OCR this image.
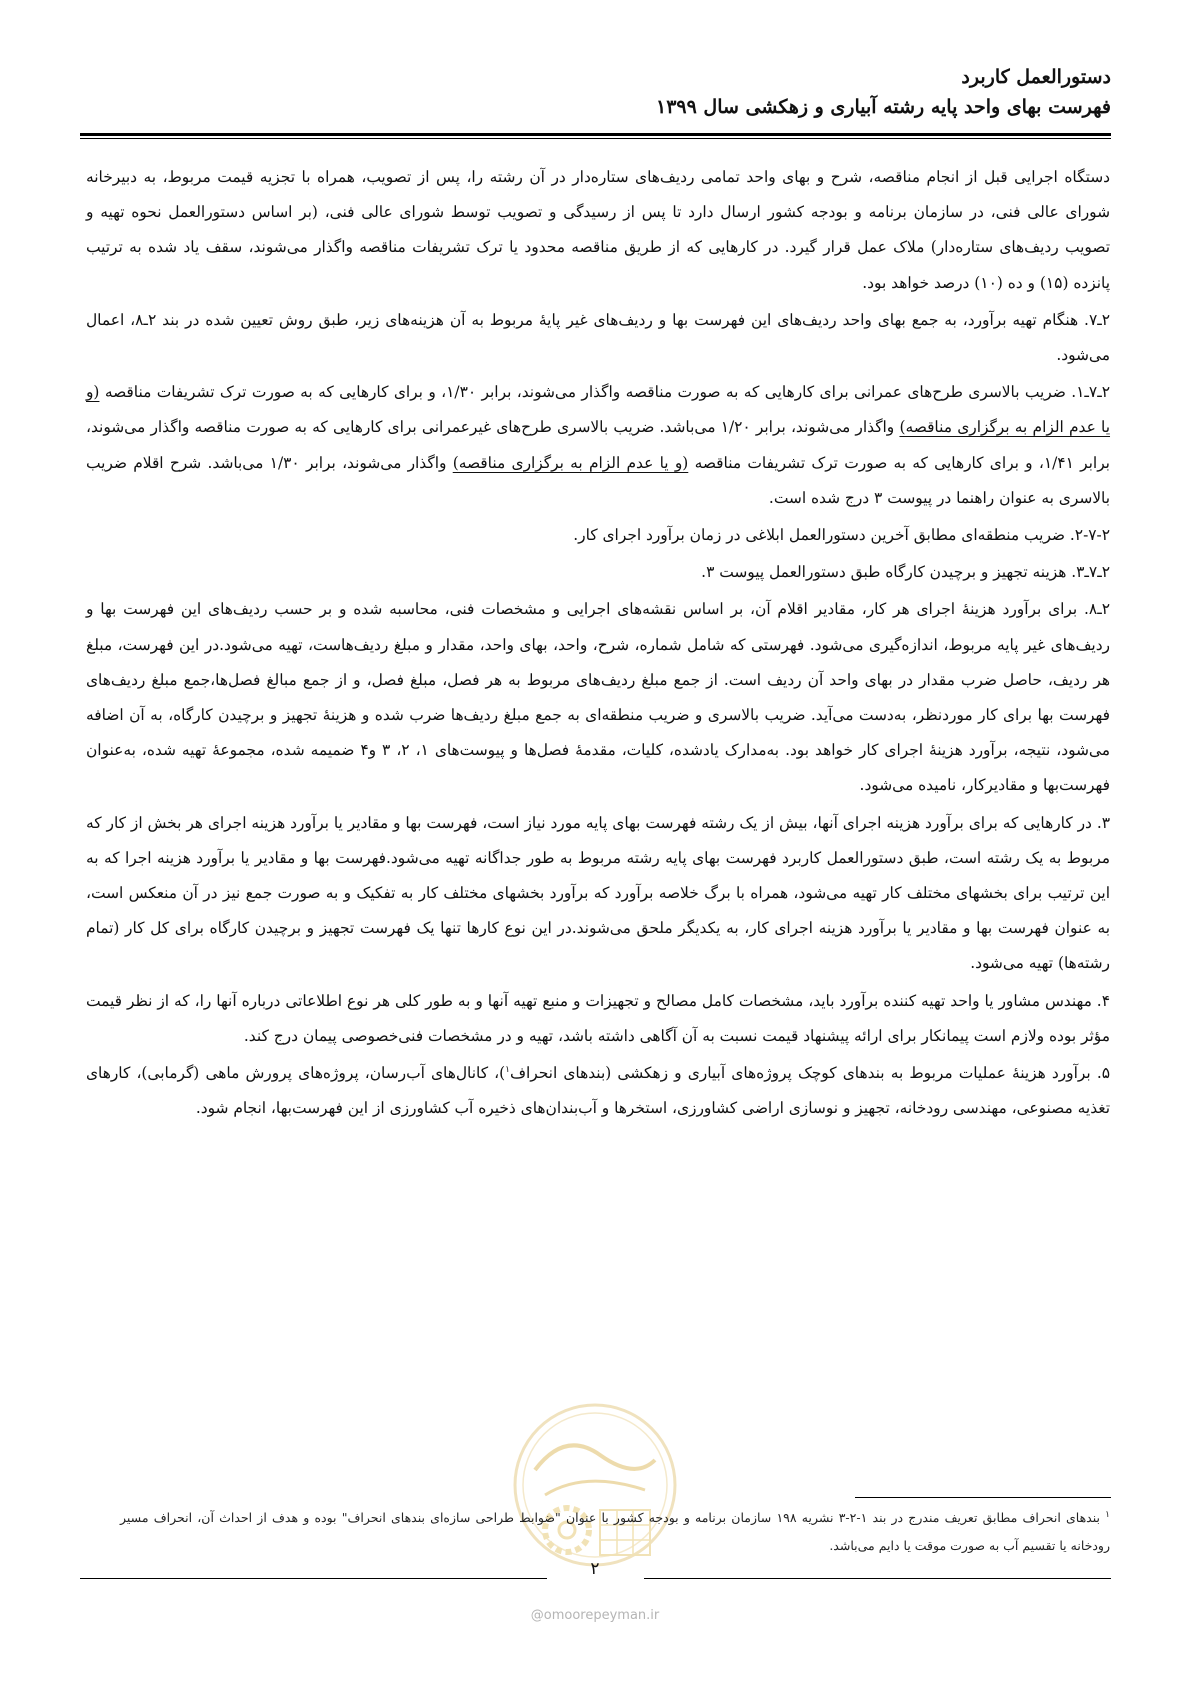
دستورالعمل کاربرد
فهرست بهای واحد پایه رشته آبیاری و زهکشی سال ۱۳۹۹

دستگاه اجرایی قبل از انجام مناقصه، شرح و بهای واحد تمامی ردیف‌های ستاره‌دار در آن رشته را، پس از تصویب، همراه با تجزیه قیمت مربوط، به دبیرخانه شورای عالی فنی، در سازمان برنامه و بودجه کشور ارسال دارد تا پس از رسیدگی و تصویب توسط شورای عالی فنی، (بر اساس دستورالعمل نحوه تهیه و تصویب ردیف‌های ستاره‌دار) ملاک عمل قرار گیرد. در کارهایی که از طریق مناقصه محدود یا ترک تشریفات مناقصه واگذار می‌شوند، سقف یاد شده به ترتیب پانزده (۱۵) و ده (۱۰) درصد خواهد بود.

۲ـ۷. هنگام تهیه برآورد، به جمع بهای واحد ردیف‌های این فهرست بها و ردیف‌های غیر پایهٔ مربوط به آن هزینه‌های زیر، طبق روش تعیین شده در بند ۲ـ۸، اعمال می‌شود.

۲ـ۷ـ۱. ضریب بالاسری طرح‌های عمرانی برای کارهایی که به صورت مناقصه واگذار می‌شوند، برابر ۱/۳۰، و برای کارهایی که به صورت ترک تشریفات مناقصه (و یا عدم الزام به برگزاری مناقصه) واگذار می‌شوند، برابر ۱/۲۰ می‌باشد. ضریب بالاسری طرح‌های غیرعمرانی برای کارهایی که به صورت مناقصه واگذار می‌شوند، برابر ۱/۴۱، و برای کارهایی که به صورت ترک تشریفات مناقصه (و یا عدم الزام به برگزاری مناقصه) واگذار می‌شوند، برابر ۱/۳۰ می‌باشد. شرح اقلام ضریب بالاسری به عنوان راهنما در پیوست ۳ درج شده است.

۲-۷-۲. ضریب منطقه‌ای مطابق آخرین دستورالعمل ابلاغی در زمان برآورد اجرای کار.

۲ـ۷ـ۳. هزینه تجهیز و برچیدن کارگاه طبق دستورالعمل پیوست ۳.

۲ـ۸. برای برآورد هزینهٔ اجرای هر کار، مقادیر اقلام آن، بر اساس نقشه‌های اجرایی و مشخصات فنی، محاسبه شده و بر حسب ردیف‌های این فهرست بها و ردیف‌های غیر پایه مربوط، اندازه‌گیری می‌شود. فهرستی که شامل شماره، شرح، واحد، بهای واحد، مقدار و مبلغ ردیف‌هاست، تهیه می‌شود.در این فهرست، مبلغ هر ردیف، حاصل ضرب مقدار در بهای واحد آن ردیف است. از جمع مبلغ ردیف‌های مربوط به هر فصل، مبلغ فصل، و از جمع مبالغ فصل‌ها،جمع مبلغ ردیف‌های فهرست بها برای کار موردنظر، به‌دست می‌آید. ضریب بالاسری و ضریب منطقه‌ای به جمع مبلغ ردیف‌ها ضرب شده و هزینهٔ تجهیز و برچیدن کارگاه، به آن اضافه می‌شود، نتیجه، برآورد هزینهٔ اجرای کار خواهد بود. به‌مدارک یادشده، کلیات، مقدمهٔ فصل‌ها و پیوست‌های ۱، ۲، ۳ و۴ ضمیمه شده، مجموعهٔ تهیه شده، به‌عنوان فهرست‌بها و مقادیرکار، نامیده می‌شود.

۳. در کارهایی که برای برآورد هزینه اجرای آنها، بیش از یک رشته فهرست بهای پایه مورد نیاز است، فهرست بها و مقادیر یا برآورد هزینه اجرای هر بخش از کار که مربوط به یک رشته است، طبق دستورالعمل کاربرد فهرست بهای پایه رشته مربوط به طور جداگانه تهیه می‌شود.فهرست بها و مقادیر یا برآورد هزینه اجرا که به این ترتیب برای بخشهای مختلف کار تهیه می‌شود، همراه با برگ خلاصه برآورد که برآورد بخشهای مختلف کار به تفکیک و به صورت جمع نیز در آن منعکس است، به عنوان فهرست بها و مقادیر یا برآورد هزینه اجرای کار، به یکدیگر ملحق می‌شوند.در این نوع کارها تنها یک فهرست تجهیز و برچیدن کارگاه برای کل کار (تمام رشته‌ها) تهیه می‌شود.

۴. مهندس مشاور یا واحد تهیه کننده برآورد باید، مشخصات کامل مصالح و تجهیزات و منبع تهیه آنها و به طور کلی هر نوع اطلاعاتی درباره آنها را، که از نظر قیمت مؤثر بوده ولازم است پیمانکار برای ارائه پیشنهاد قیمت نسبت به آن آگاهی داشته باشد، تهیه و در مشخصات فنی‌خصوصی پیمان درج کند.

۵. برآورد هزینهٔ عملیات مربوط به بندهای کوچک پروژه‌های آبیاری و زهکشی (بندهای انحراف$^۱$)، کانال‌های آب‌رسان، پروژه‌های پرورش ماهی (گرمابی)، کارهای تغذیه مصنوعی، مهندسی رودخانه، تجهیز و نوسازی اراضی کشاورزی، استخرها و آب‌بندان‌های ذخیره آب کشاورزی از این فهرست‌بها، انجام شود.

$^۱$ بندهای انحراف مطابق تعریف مندرج در بند ۱-۲-۳ نشریه ۱۹۸ سازمان برنامه و بودجه کشور با عنوان "ضوابط طراحی سازه‌ای بندهای انحراف" بوده و هدف از احداث آن، انحراف مسیر رودخانه یا تقسیم آب به صورت موقت یا دایم می‌باشد.
۲
@omoorepeyman.ir
